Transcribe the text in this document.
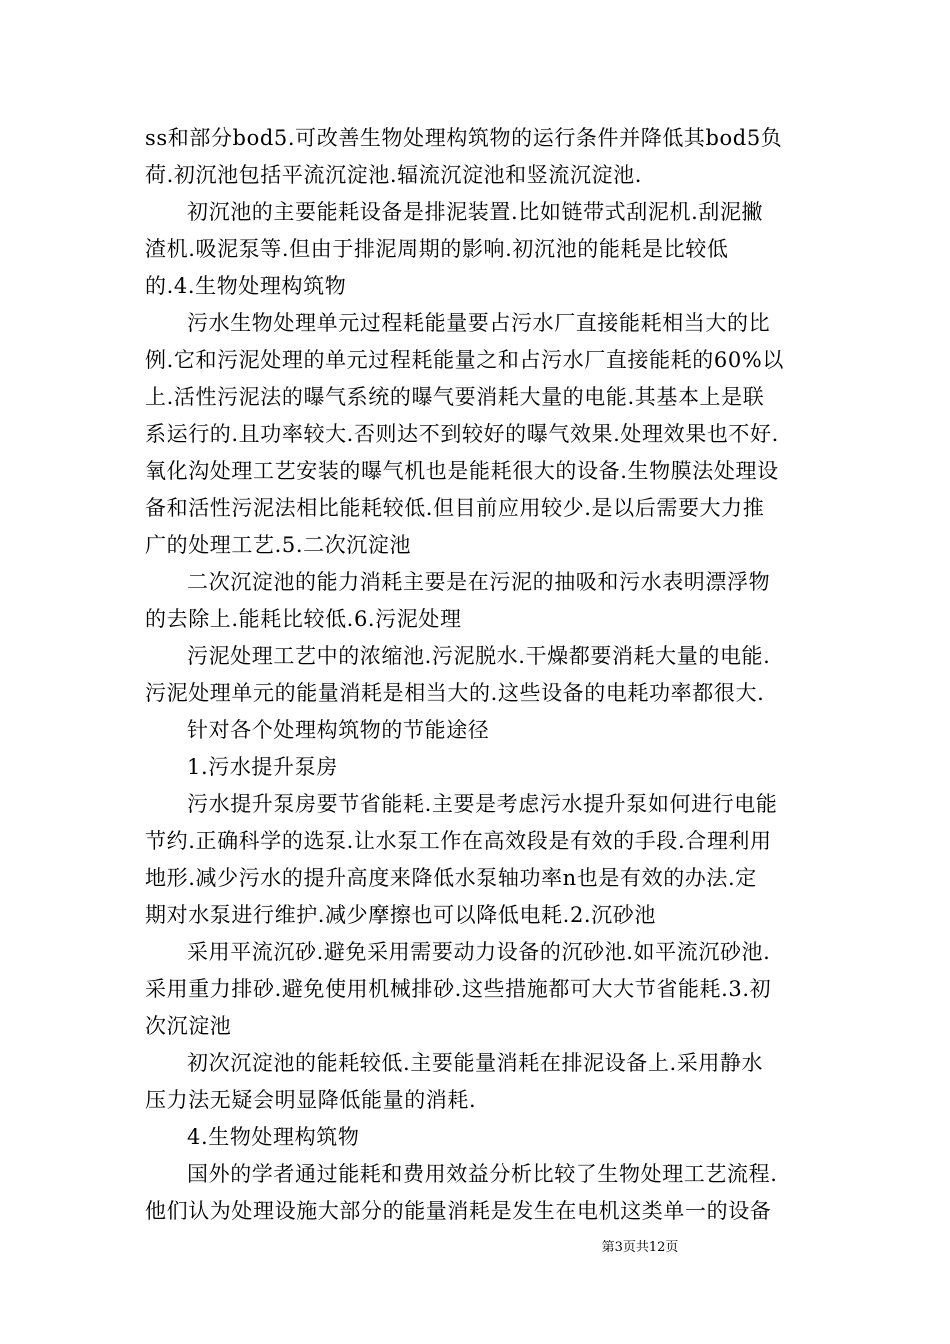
ss和部分bod5.可改善生物处理构筑物的运行条件并降低其bod5负
荷.初沉池包括平流沉淀池.辐流沉淀池和竖流沉淀池.
初沉池的主要能耗设备是排泥装置.比如链带式刮泥机.刮泥撇
渣机.吸泥泵等.但由于排泥周期的影响.初沉池的能耗是比较低
的.4.生物处理构筑物
污水生物处理单元过程耗能量要占污水厂直接能耗相当大的比
例.它和污泥处理的单元过程耗能量之和占污水厂直接能耗的60%以
上.活性污泥法的曝气系统的曝气要消耗大量的电能.其基本上是联
系运行的.且功率较大.否则达不到较好的曝气效果.处理效果也不好.
氧化沟处理工艺安装的曝气机也是能耗很大的设备.生物膜法处理设
备和活性污泥法相比能耗较低.但目前应用较少.是以后需要大力推
广的处理工艺.5.二次沉淀池
二次沉淀池的能力消耗主要是在污泥的抽吸和污水表明漂浮物
的去除上.能耗比较低.6.污泥处理
污泥处理工艺中的浓缩池.污泥脱水.干燥都要消耗大量的电能.
污泥处理单元的能量消耗是相当大的.这些设备的电耗功率都很大.
针对各个处理构筑物的节能途径
1.污水提升泵房
污水提升泵房要节省能耗.主要是考虑污水提升泵如何进行电能
节约.正确科学的选泵.让水泵工作在高效段是有效的手段.合理利用
地形.减少污水的提升高度来降低水泵轴功率n也是有效的办法.定
期对水泵进行维护.减少摩擦也可以降低电耗.2.沉砂池
采用平流沉砂.避免采用需要动力设备的沉砂池.如平流沉砂池.
采用重力排砂.避免使用机械排砂.这些措施都可大大节省能耗.3.初
次沉淀池
初次沉淀池的能耗较低.主要能量消耗在排泥设备上.采用静水
压力法无疑会明显降低能量的消耗.
4.生物处理构筑物
国外的学者通过能耗和费用效益分析比较了生物处理工艺流程.
他们认为处理设施大部分的能量消耗是发生在电机这类单一的设备
第3页共12页
